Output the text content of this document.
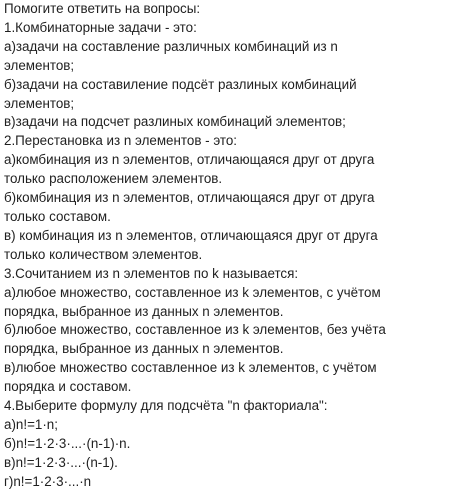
Помогите ответить на вопросы:
1.Комбинаторные задачи - это:
а)задачи на составление различных комбинаций из n
элементов;
б)задачи на составиление подсёт разлиных комбинаций
элементов;
в)задачи на подсчет разлиных комбинаций элементов;
2.Перестановка из n элементов - это:
а)комбинация из n элементов, отличающаяся друг от друга
только расположением элементов.
б)комбинация из n элементов, отличающаяся друг от друга
только составом.
в) комбинация из n элементов, отличающаяся друг от друга
только количеством элементов.
3.Сочитанием из n элементов по k называется:
а)любое множество, составленное из k элементов, с учётом
порядка, выбранное из данных n элементов.
б)любое множество, составленное из k элементов, без учёта
порядка, выбранное из данных n элементов.
в)любое множество составленное из k элементов, с учётом
порядка и составом.
4.Выберите формулу для подсчёта "n факториала":
а)n!=1·n;
б)n!=1·2·3·...·(n-1)·n.
в)n!=1·2·3·...·(n-1).
г)n!=1·2·3·...·n
